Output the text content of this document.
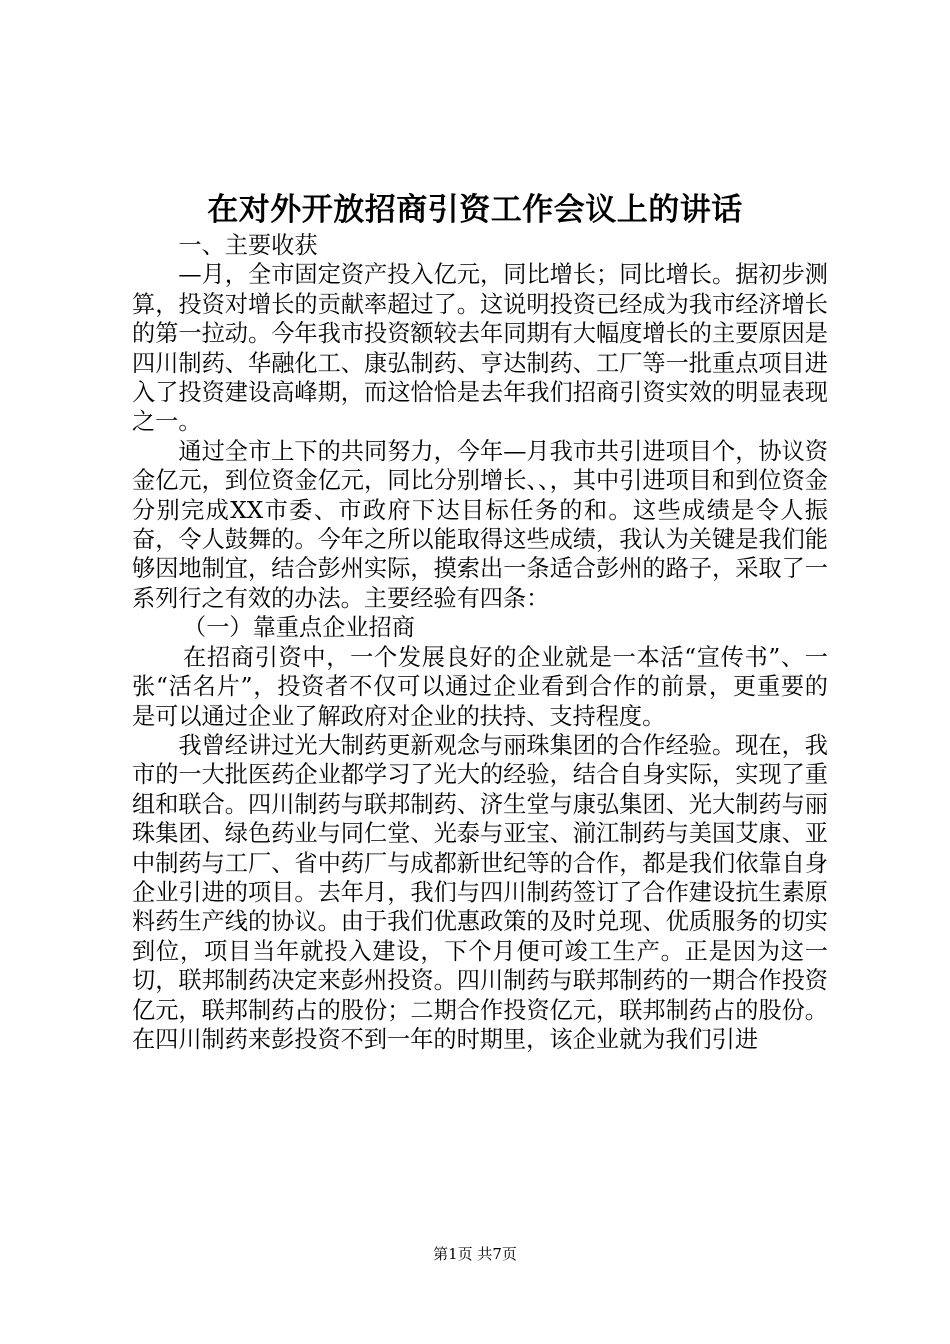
在对外开放招商引资工作会议上的讲话

一、主要收获

—月，全市固定资产投入亿元，同比增长；同比增长。据初步测算，投资对增长的贡献率超过了。这说明投资已经成为我市经济增长的第一拉动。今年我市投资额较去年同期有大幅度增长的主要原因是四川制药、华融化工、康弘制药、亨达制药、工厂等一批重点项目进入了投资建设高峰期，而这恰恰是去年我们招商引资实效的明显表现之一。

通过全市上下的共同努力，今年—月我市共引进项目个，协议资金亿元，到位资金亿元，同比分别增长、、，其中引进项目和到位资金分别完成XX市委、市政府下达目标任务的和。这些成绩是令人振奋，令人鼓舞的。今年之所以能取得这些成绩，我认为关键是我们能够因地制宜，结合彭州实际，摸索出一条适合彭州的路子，采取了一系列行之有效的办法。主要经验有四条：

（一）靠重点企业招商

在招商引资中，一个发展良好的企业就是一本活“宣传书”、一张“活名片”，投资者不仅可以通过企业看到合作的前景，更重要的是可以通过企业了解政府对企业的扶持、支持程度。

我曾经讲过光大制药更新观念与丽珠集团的合作经验。现在，我市的一大批医药企业都学习了光大的经验，结合自身实际，实现了重组和联合。四川制药与联邦制药、济生堂与康弘集团、光大制药与丽珠集团、绿色药业与同仁堂、光泰与亚宝、湔江制药与美国艾康、亚中制药与工厂、省中药厂与成都新世纪等的合作，都是我们依靠自身企业引进的项目。去年月，我们与四川制药签订了合作建设抗生素原料药生产线的协议。由于我们优惠政策的及时兑现、优质服务的切实到位，项目当年就投入建设，下个月便可竣工生产。正是因为这一切，联邦制药决定来彭州投资。四川制药与联邦制药的一期合作投资亿元，联邦制药占的股份；二期合作投资亿元，联邦制药占的股份。在四川制药来彭投资不到一年的时期里，该企业就为我们引进

第1页 共7页
